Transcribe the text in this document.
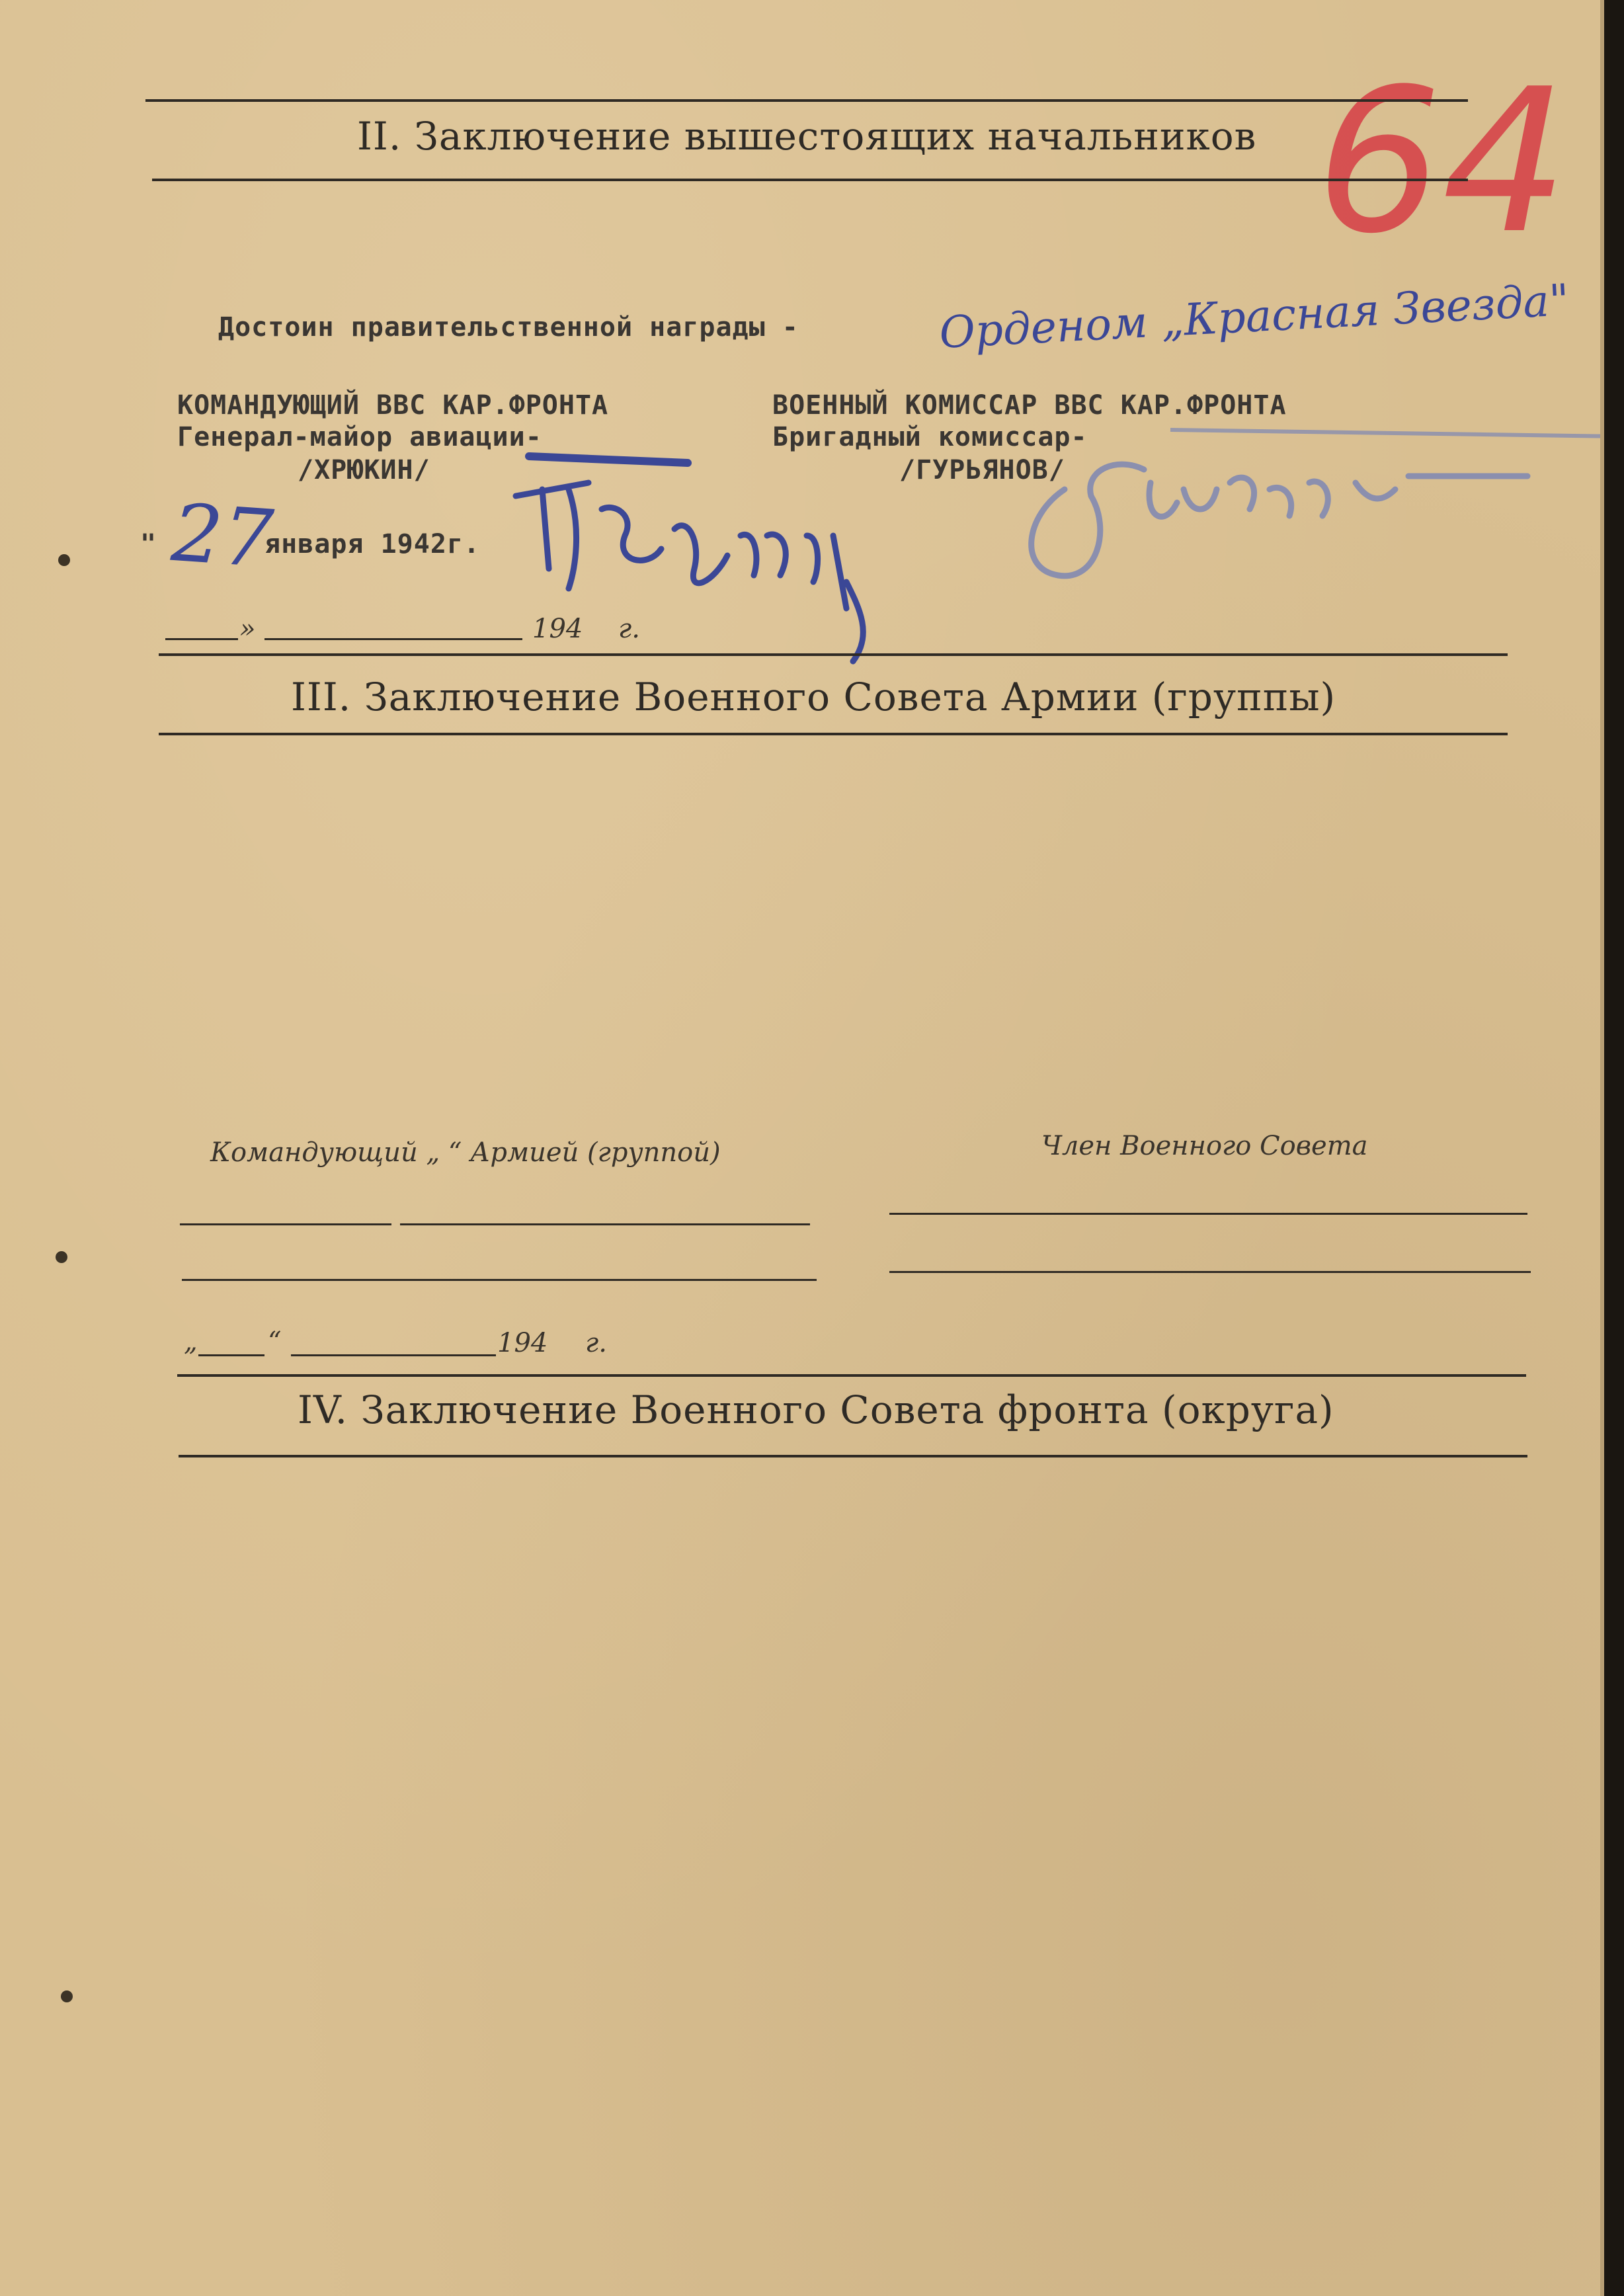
64
II. Заключение вышестоящих начальников
Достоин правительственной награды -	Орденом „Красная Звезда"
КОМАНДУЮЩИЙ ВВС КАР.ФРОНТА
Генерал-майор авиации-
/ХРЮКИН/
ВОЕННЫЙ КОМИССАР ВВС КАР.ФРОНТА
Бригадный комиссар-
/ГУРЬЯНОВ/
" 27
января 1942г.
»	194 г.
III. Заключение Военного Совета Армии (группы)
Командующий „ “ Армией (группой)	Член Военного Совета
„	“	194 г.
IV. Заключение Военного Совета фронта (округа)
